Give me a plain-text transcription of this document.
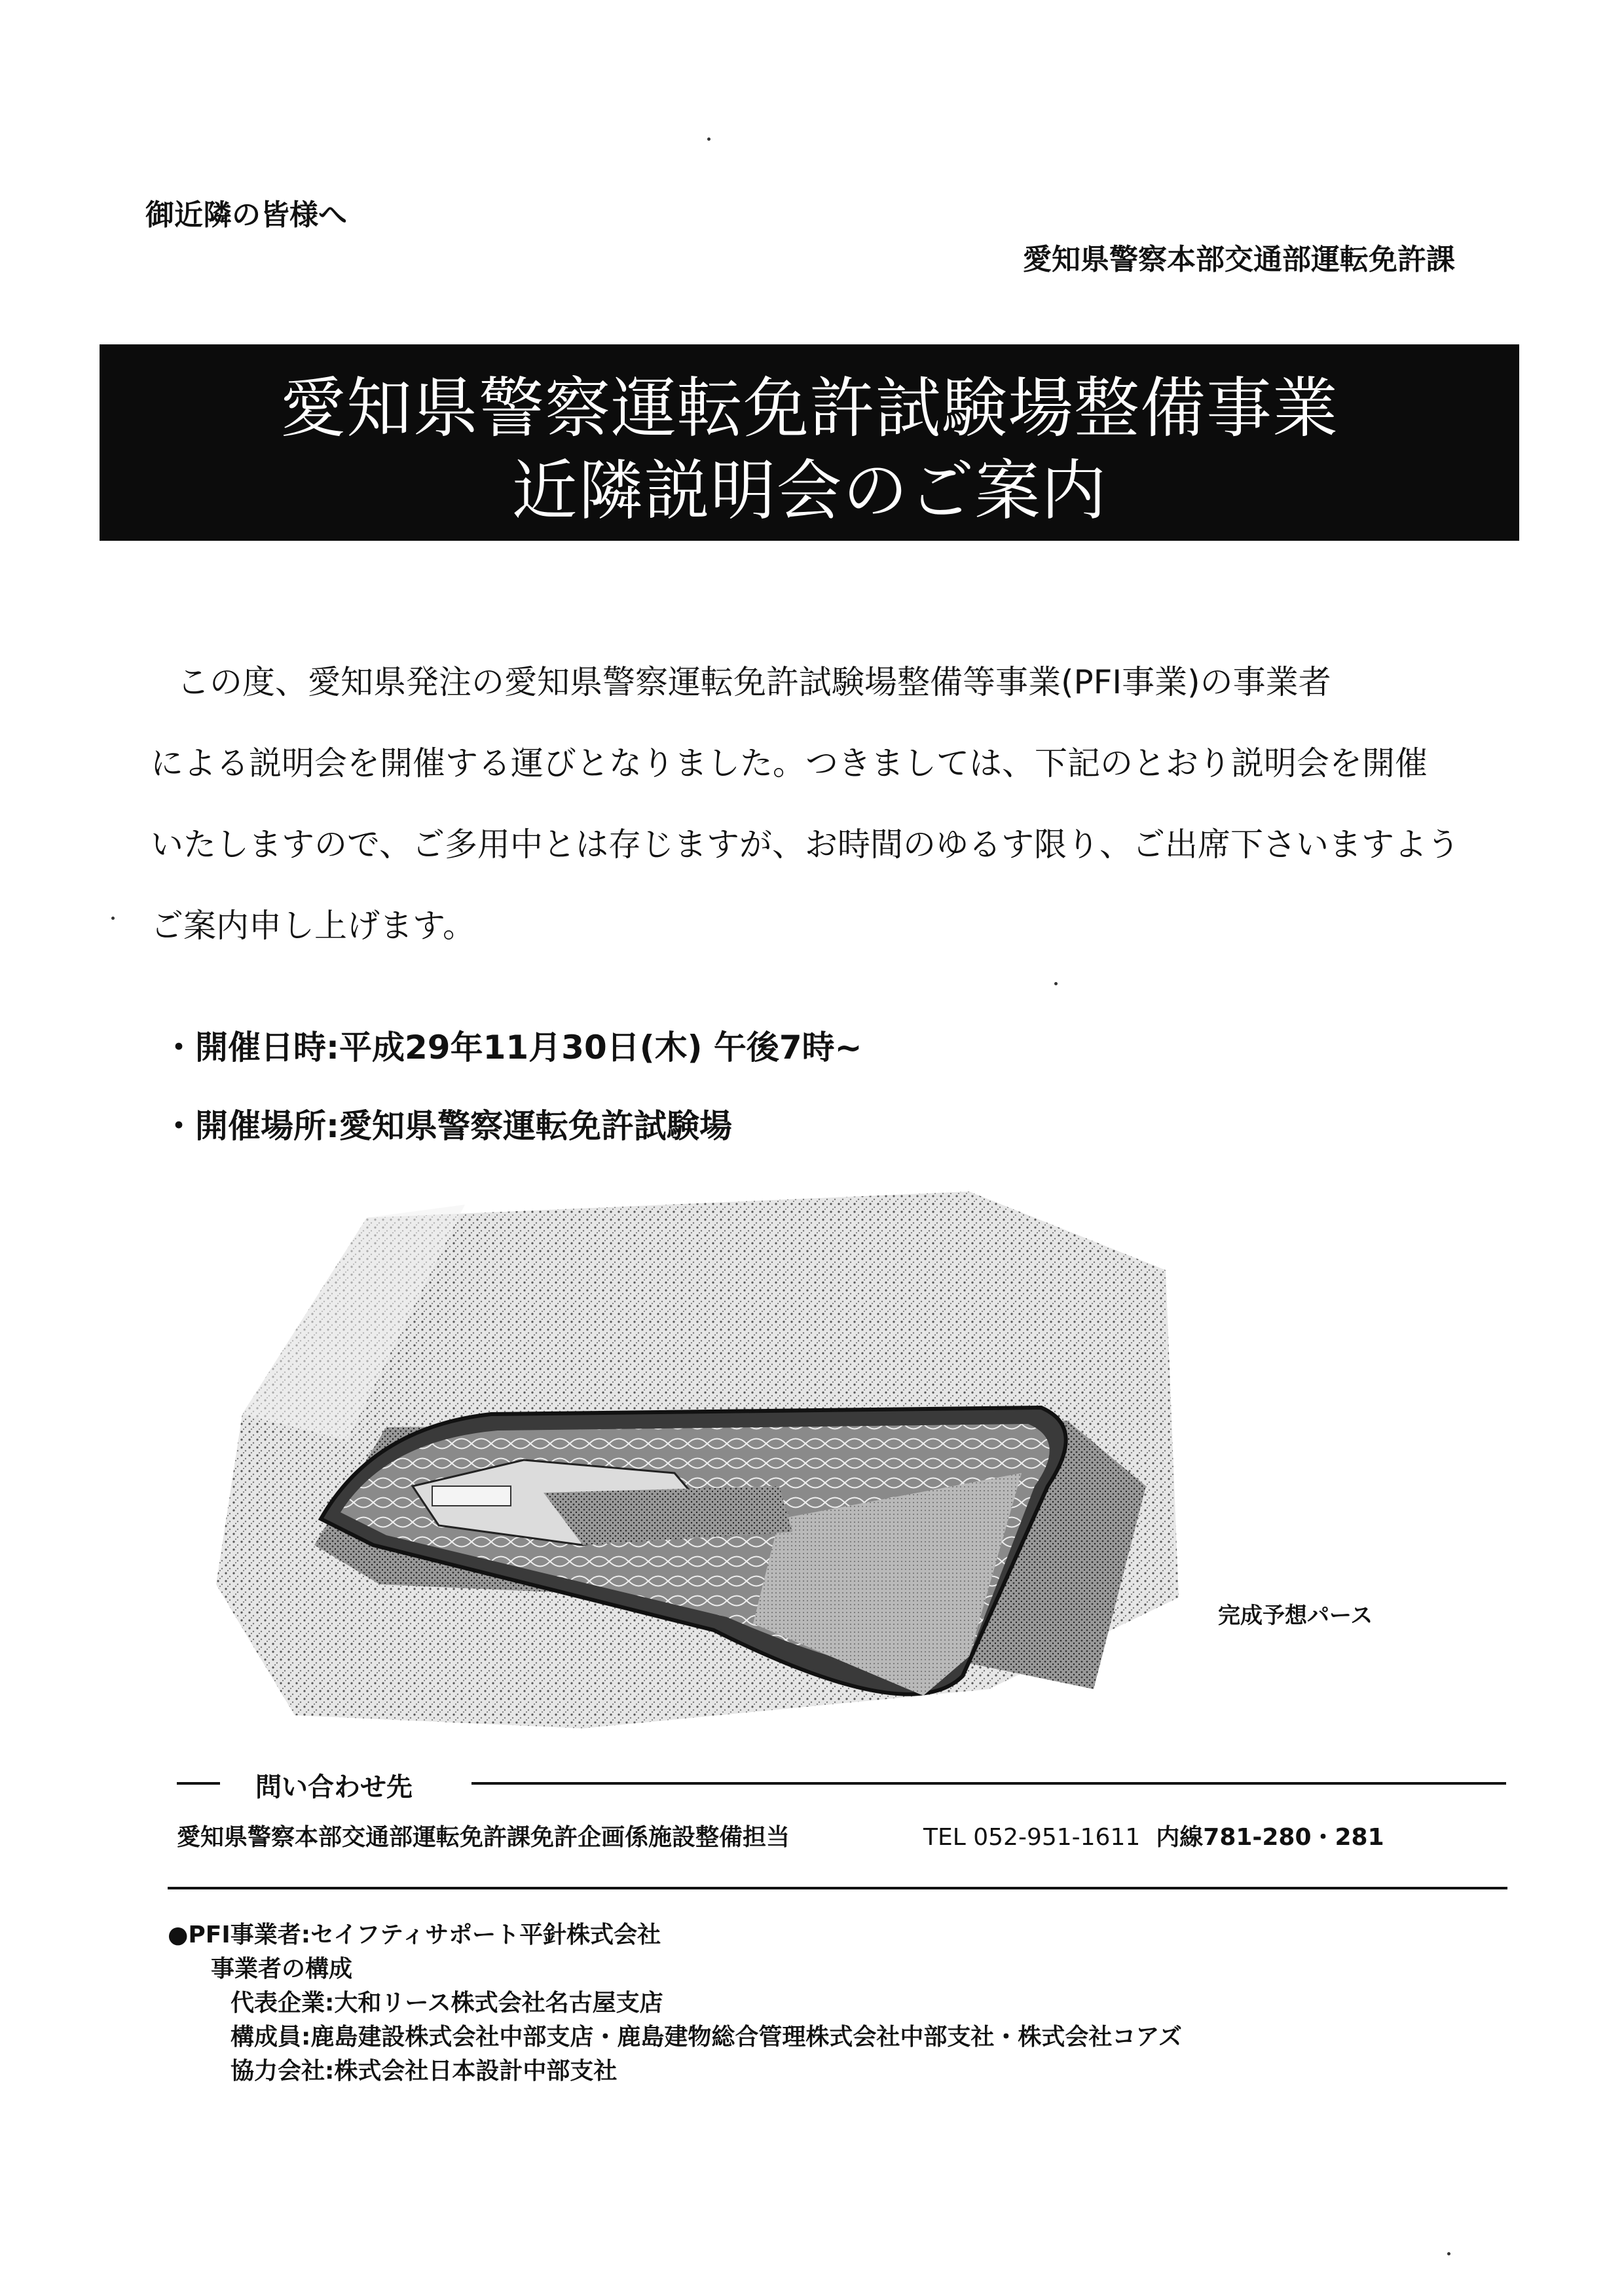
御近隣の皆様へ
愛知県警察本部交通部運転免許課
愛知県警察運転免許試験場整備事業
近隣説明会のご案内
この度、愛知県発注の愛知県警察運転免許試験場整備等事業(PFI事業)の事業者
による説明会を開催する運びとなりました。つきましては、下記のとおり説明会を開催
いたしますので、ご多用中とは存じますが、お時間のゆるす限り、ご出席下さいますよう
ご案内申し上げます。
・開催日時:平成29年11月30日(木) 午後7時~
・開催場所:愛知県警察運転免許試験場
完成予想パース
問い合わせ先
愛知県警察本部交通部運転免許課免許企画係施設整備担当	TEL 052-951-1611 内線781-280・281
●PFI事業者:セイフティサポート平針株式会社
事業者の構成
代表企業:大和リース株式会社名古屋支店
構成員:鹿島建設株式会社中部支店・鹿島建物総合管理株式会社中部支社・株式会社コアズ
協力会社:株式会社日本設計中部支社
